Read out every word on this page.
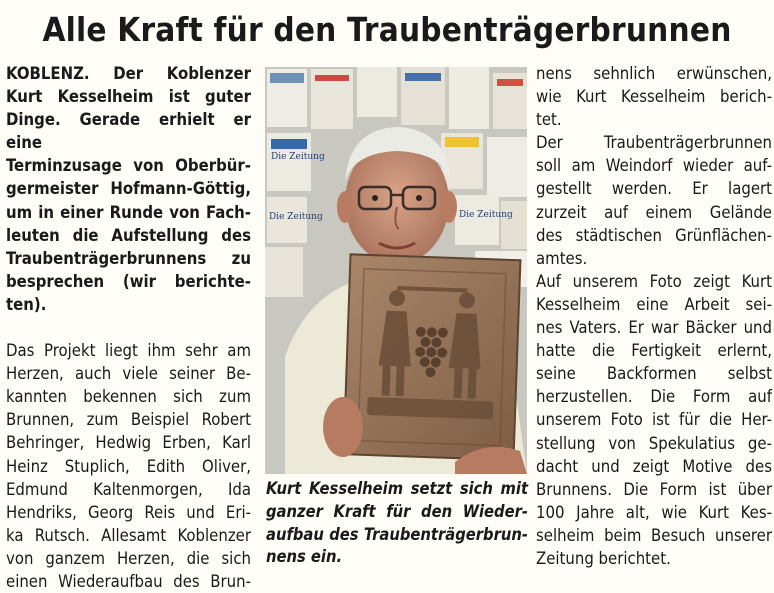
Alle Kraft für den Traubenträgerbrunnen

KOBLENZ. Der Koblenzer

Kurt Kesselheim ist guter

Dinge. Gerade erhielt er eine

Terminzusage von Oberbür-

germeister Hofmann-Göttig,

um in einer Runde von Fach-

leuten die Aufstellung des

Traubenträgerbrunnens zu

besprechen (wir berichte-

ten).

Das Projekt liegt ihm sehr am

Herzen, auch viele seiner Be-

kannten bekennen sich zum

Brunnen, zum Beispiel Robert

Behringer, Hedwig Erben, Karl

Heinz Stuplich, Edith Oliver,

Edmund Kaltenmorgen, Ida

Hendriks, Georg Reis und Eri-

ka Rutsch. Allesamt Koblenzer

von ganzem Herzen, die sich

einen Wiederaufbau des Brun-

Die Zeitung
Die Zeitung	Die Zeitung

Kurt Kesselheim setzt sich mit

ganzer Kraft für den Wieder-

aufbau des Traubenträgerbrun-

nens ein.

nens sehnlich erwünschen,

wie Kurt Kesselheim berich-

tet.

Der Traubenträgerbrunnen

soll am Weindorf wieder auf-

gestellt werden. Er lagert

zurzeit auf einem Gelände

des städtischen Grünflächen-

amtes.

Auf unserem Foto zeigt Kurt

Kesselheim eine Arbeit sei-

nes Vaters. Er war Bäcker und

hatte die Fertigkeit erlernt,

seine Backformen selbst

herzustellen. Die Form auf

unserem Foto ist für die Her-

stellung von Spekulatius ge-

dacht und zeigt Motive des

Brunnens. Die Form ist über

100 Jahre alt, wie Kurt Kes-

selheim beim Besuch unserer

Zeitung berichtet.
